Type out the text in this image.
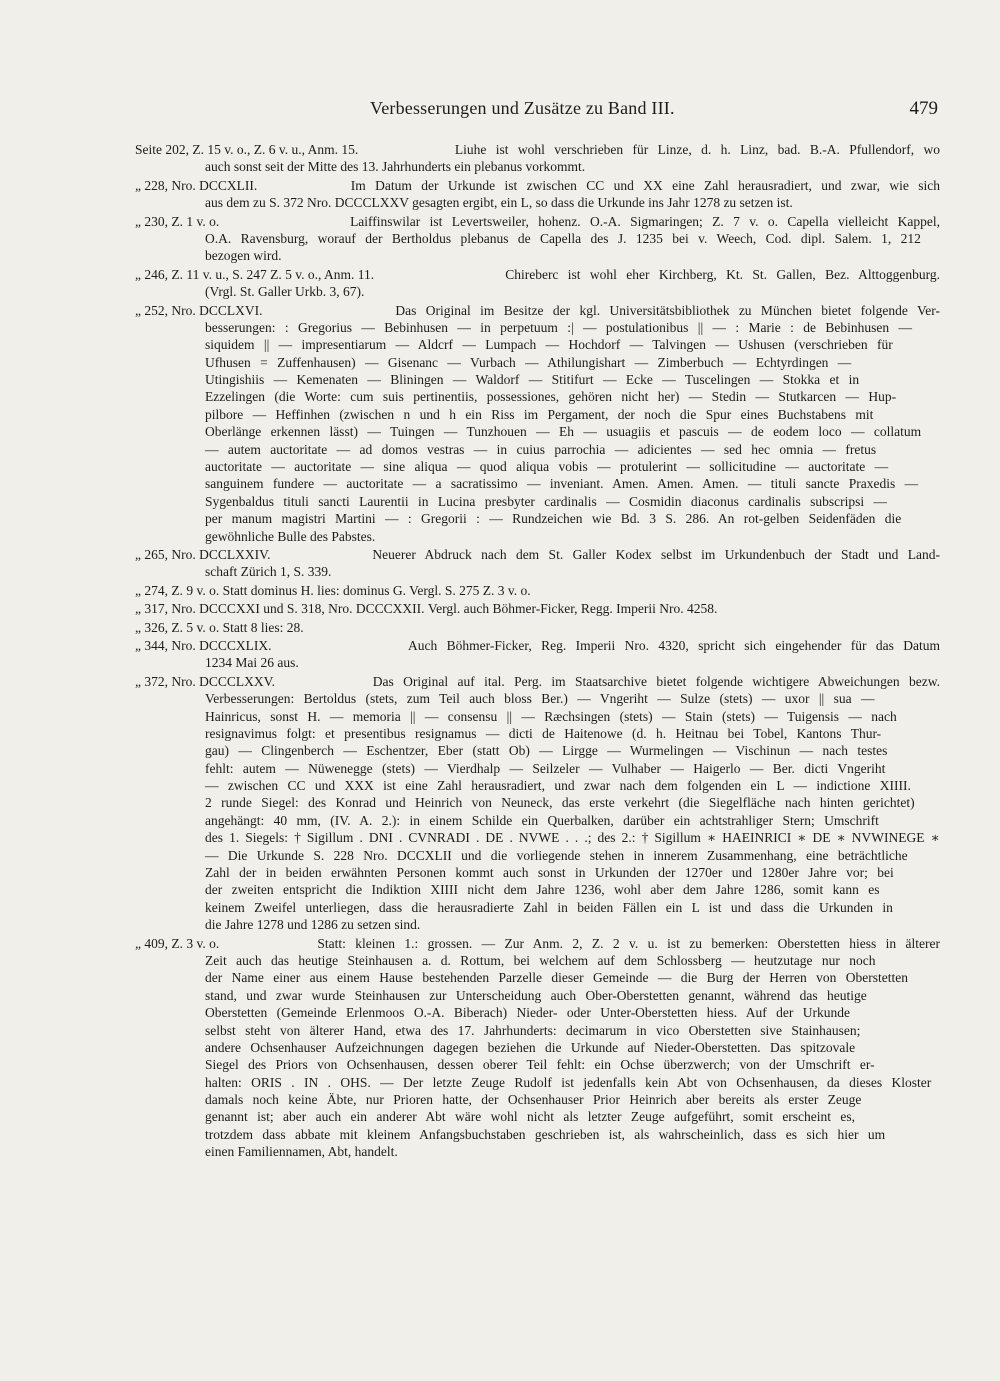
Verbesserungen und Zusätze zu Band III.	479
Seite 202, Z. 15 v. o., Z. 6 v. u., Anm. 15.	Liuhe ist wohl verschrieben für Linze, d. h. Linz, bad. B.-A. Pfullendorf, wo
auch sonst seit der Mitte des 13. Jahrhunderts ein plebanus vorkommt.
„ 228, Nro. DCCXLII.	Im Datum der Urkunde ist zwischen CC und XX eine Zahl herausradiert, und zwar, wie sich
aus dem zu S. 372 Nro. DCCCLXXV gesagten ergibt, ein L, so dass die Urkunde ins Jahr 1278 zu setzen ist.
„ 230, Z. 1 v. o.	Laiffinswilar ist Levertsweiler, hohenz. O.-A. Sigmaringen; Z. 7 v. o. Capella vielleicht Kappel,
O.A. Ravensburg, worauf der Bertholdus plebanus de Capella des J. 1235 bei v. Weech, Cod. dipl. Salem. 1, 212
bezogen wird.
„ 246, Z. 11 v. u., S. 247 Z. 5 v. o., Anm. 11.	Chireberc ist wohl eher Kirchberg, Kt. St. Gallen, Bez. Alttoggenburg.
(Vrgl. St. Galler Urkb. 3, 67).
„ 252, Nro. DCCLXVI.	Das Original im Besitze der kgl. Universitätsbibliothek zu München bietet folgende Ver-
besserungen: : Gregorius — Bebinhusen — in perpetuum :| — postulationibus || — : Marie : de Bebinhusen —
siquidem || — impresentiarum — Aldcrf — Lumpach — Hochdorf — Talvingen — Ushusen (verschrieben für
Ufhusen = Zuffenhausen) — Gisenanc — Vurbach — Athilungishart — Zimberbuch — Echtyrdingen —
Utingishiis — Kemenaten — Bliningen — Waldorf — Stitifurt — Ecke — Tuscelingen — Stokka et in
Ezzelingen (die Worte: cum suis pertinentiis, possessiones, gehören nicht her) — Stedin — Stutkarcen — Hup-
pilbore — Heffinhen (zwischen n und h ein Riss im Pergament, der noch die Spur eines Buchstabens mit
Oberlänge erkennen lässt) — Tuingen — Tunzhouen — Eh — usuagiis et pascuis — de eodem loco — collatum
— autem auctoritate — ad domos vestras — in cuius parrochia — adicientes — sed hec omnia — fretus
auctoritate — auctoritate — sine aliqua — quod aliqua vobis — protulerint — sollicitudine — auctoritate —
sanguinem fundere — auctoritate — a sacratissimo — inveniant. Amen. Amen. Amen. — tituli sancte Praxedis —
Sygenbaldus tituli sancti Laurentii in Lucina presbyter cardinalis — Cosmidin diaconus cardinalis subscripsi —
per manum magistri Martini — : Gregorii : — Rundzeichen wie Bd. 3 S. 286. An rot-gelben Seidenfäden die
gewöhnliche Bulle des Pabstes.
„ 265, Nro. DCCLXXIV.	Neuerer Abdruck nach dem St. Galler Kodex selbst im Urkundenbuch der Stadt und Land-
schaft Zürich 1, S. 339.
„ 274, Z. 9 v. o. Statt dominus H. lies: dominus G. Vergl. S. 275 Z. 3 v. o.
„ 317, Nro. DCCCXXI und S. 318, Nro. DCCCXXII. Vergl. auch Böhmer-Ficker, Regg. Imperii Nro. 4258.
„ 326, Z. 5 v. o. Statt 8 lies: 28.
„ 344, Nro. DCCCXLIX.	Auch Böhmer-Ficker, Reg. Imperii Nro. 4320, spricht sich eingehender für das Datum
1234 Mai 26 aus.
„ 372, Nro. DCCCLXXV.	Das Original auf ital. Perg. im Staatsarchive bietet folgende wichtigere Abweichungen bezw.
Verbesserungen: Bertoldus (stets, zum Teil auch bloss Ber.) — Vngeriht — Sulze (stets) — uxor || sua —
Hainricus, sonst H. — memoria || — consensu || — Ræchsingen (stets) — Stain (stets) — Tuigensis — nach
resignavimus folgt: et presentibus resignamus — dicti de Haitenowe (d. h. Heitnau bei Tobel, Kantons Thur-
gau) — Clingenberch — Eschentzer, Eber (statt Ob) — Lirgge — Wurmelingen — Vischinun — nach testes
fehlt: autem — Nüwenegge (stets) — Vierdhalp — Seilzeler — Vulhaber — Haigerlo — Ber. dicti Vngeriht
— zwischen CC und XXX ist eine Zahl herausradiert, und zwar nach dem folgenden ein L — indictione XIIII.
2 runde Siegel: des Konrad und Heinrich von Neuneck, das erste verkehrt (die Siegelfläche nach hinten gerichtet)
angehängt: 40 mm, (IV. A. 2.): in einem Schilde ein Querbalken, darüber ein achtstrahliger Stern; Umschrift
des 1. Siegels: † Sigillum . DNI . CVNRADI . DE . NVWE . . .; des 2.: † Sigillum ∗ HAEINRICI ∗ DE ∗ NVWINEGE ∗
— Die Urkunde S. 228 Nro. DCCXLII und die vorliegende stehen in innerem Zusammenhang, eine beträchtliche
Zahl der in beiden erwähnten Personen kommt auch sonst in Urkunden der 1270er und 1280er Jahre vor; bei
der zweiten entspricht die Indiktion XIIII nicht dem Jahre 1236, wohl aber dem Jahre 1286, somit kann es
keinem Zweifel unterliegen, dass die herausradierte Zahl in beiden Fällen ein L ist und dass die Urkunden in
die Jahre 1278 und 1286 zu setzen sind.
„ 409, Z. 3 v. o.	Statt: kleinen 1.: grossen. — Zur Anm. 2, Z. 2 v. u. ist zu bemerken: Oberstetten hiess in älterer
Zeit auch das heutige Steinhausen a. d. Rottum, bei welchem auf dem Schlossberg — heutzutage nur noch
der Name einer aus einem Hause bestehenden Parzelle dieser Gemeinde — die Burg der Herren von Oberstetten
stand, und zwar wurde Steinhausen zur Unterscheidung auch Ober-Oberstetten genannt, während das heutige
Oberstetten (Gemeinde Erlenmoos O.-A. Biberach) Nieder- oder Unter-Oberstetten hiess. Auf der Urkunde
selbst steht von älterer Hand, etwa des 17. Jahrhunderts: decimarum in vico Oberstetten sive Stainhausen;
andere Ochsenhauser Aufzeichnungen dagegen beziehen die Urkunde auf Nieder-Oberstetten. Das spitzovale
Siegel des Priors von Ochsenhausen, dessen oberer Teil fehlt: ein Ochse überzwerch; von der Umschrift er-
halten: ORIS . IN . OHS. — Der letzte Zeuge Rudolf ist jedenfalls kein Abt von Ochsenhausen, da dieses Kloster
damals noch keine Äbte, nur Prioren hatte, der Ochsenhauser Prior Heinrich aber bereits als erster Zeuge
genannt ist; aber auch ein anderer Abt wäre wohl nicht als letzter Zeuge aufgeführt, somit erscheint es,
trotzdem dass abbate mit kleinem Anfangsbuchstaben geschrieben ist, als wahrscheinlich, dass es sich hier um
einen Familiennamen, Abt, handelt.
